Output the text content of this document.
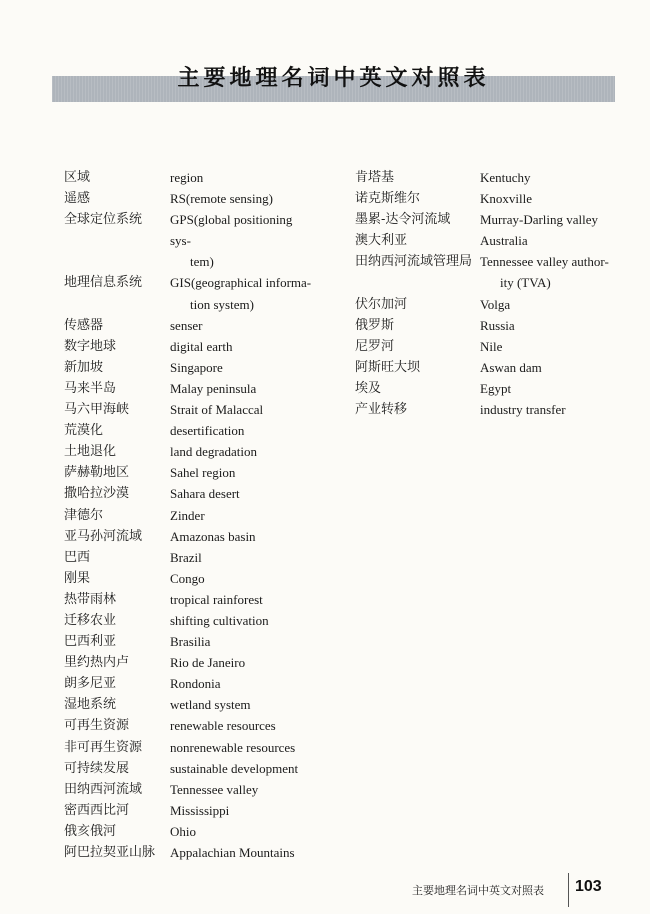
主要地理名词中英文对照表
区域	region
遥感	RS(remote sensing)
全球定位系统	GPS(global positioning sys-
tem)
地理信息系统	GIS(geographical informa-
tion system)
传感器	senser
数字地球	digital earth
新加坡	Singapore
马来半岛	Malay peninsula
马六甲海峡	Strait of Malaccal
荒漠化	desertification
土地退化	land degradation
萨赫勒地区	Sahel region
撒哈拉沙漠	Sahara desert
津德尔	Zinder
亚马孙河流域	Amazonas basin
巴西	Brazil
刚果	Congo
热带雨林	tropical rainforest
迁移农业	shifting cultivation
巴西利亚	Brasilia
里约热内卢	Rio de Janeiro
朗多尼亚	Rondonia
湿地系统	wetland system
可再生资源	renewable resources
非可再生资源	nonrenewable resources
可持续发展	sustainable development
田纳西河流域	Tennessee valley
密西西比河	Mississippi
俄亥俄河	Ohio
阿巴拉契亚山脉	Appalachian Mountains
肯塔基	Kentuchy
诺克斯维尔	Knoxville
墨累-达令河流域	Murray-Darling valley
澳大利亚	Australia
田纳西河流域管理局 Tennessee valley author-
ity (TVA)
伏尔加河	Volga
俄罗斯	Russia
尼罗河	Nile
阿斯旺大坝	Aswan dam
埃及	Egypt
产业转移	industry transfer
主要地理名词中英文对照表 103
